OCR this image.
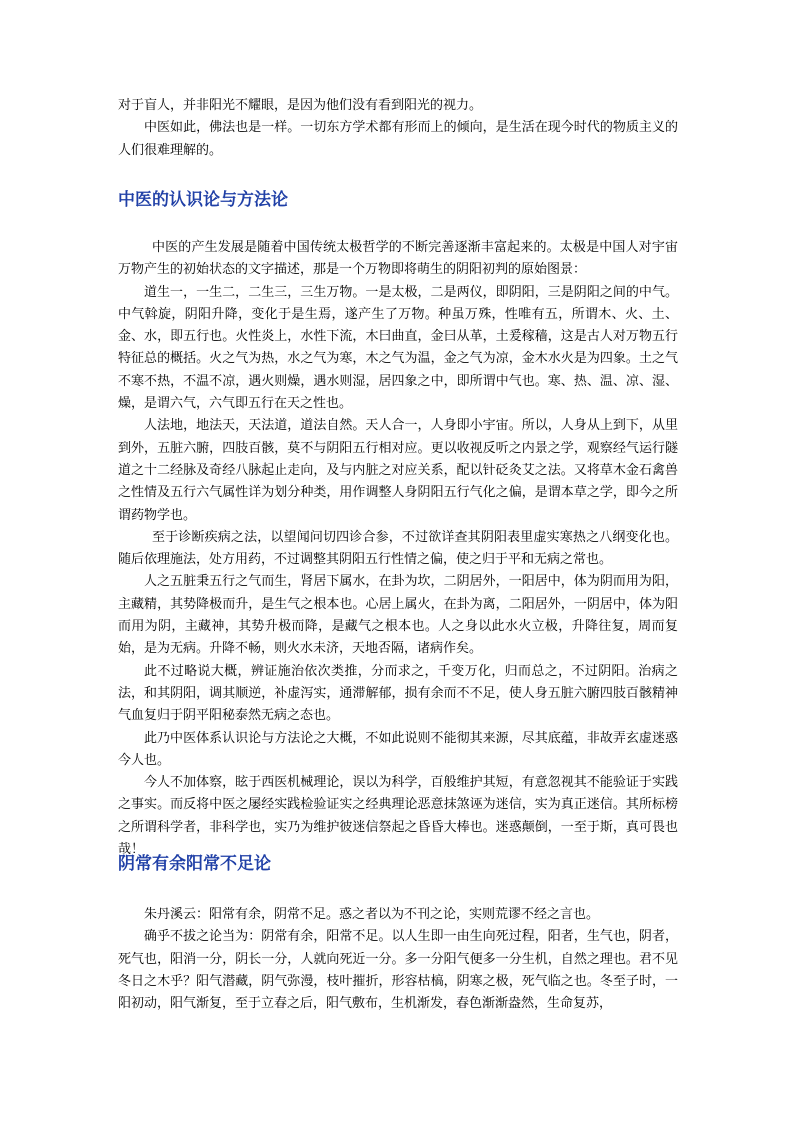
对于盲人，并非阳光不耀眼，是因为他们没有看到阳光的视力。

中医如此，佛法也是一样。一切东方学术都有形而上的倾向，是生活在现今时代的物质主义的人们很难理解的。

中医的认识论与方法论

中医的产生发展是随着中国传统太极哲学的不断完善逐渐丰富起来的。太极是中国人对宇宙万物产生的初始状态的文字描述，那是一个万物即将萌生的阴阳初判的原始图景：

道生一，一生二，二生三，三生万物。一是太极，二是两仪，即阴阳，三是阴阳之间的中气。中气斡旋，阴阳升降，变化于是生焉，遂产生了万物。种虽万殊，性唯有五，所谓木、火、土、金、水，即五行也。火性炎上，水性下流，木曰曲直，金曰从革，土爰稼穑，这是古人对万物五行特征总的概括。火之气为热，水之气为寒，木之气为温，金之气为凉，金木水火是为四象。土之气不寒不热，不温不凉，遇火则燥，遇水则湿，居四象之中，即所谓中气也。寒、热、温、凉、湿、燥，是谓六气，六气即五行在天之性也。

人法地，地法天，天法道，道法自然。天人合一，人身即小宇宙。所以，人身从上到下，从里到外，五脏六腑，四肢百骸，莫不与阴阳五行相对应。更以收视反听之内景之学，观察经气运行隧道之十二经脉及奇经八脉起止走向，及与内脏之对应关系，配以针砭灸艾之法。又将草木金石禽兽之性情及五行六气属性详为划分种类，用作调整人身阴阳五行气化之偏，是谓本草之学，即今之所谓药物学也。

至于诊断疾病之法，以望闻问切四诊合参，不过欲详查其阴阳表里虚实寒热之八纲变化也。随后依理施法，处方用药，不过调整其阴阳五行性情之偏，使之归于平和无病之常也。

人之五脏秉五行之气而生，肾居下属水，在卦为坎，二阴居外，一阳居中，体为阴而用为阳，主藏精，其势降极而升，是生气之根本也。心居上属火，在卦为离，二阳居外，一阴居中，体为阳而用为阴，主藏神，其势升极而降，是藏气之根本也。人之身以此水火立极，升降往复，周而复始，是为无病。升降不畅，则火水未济，天地否隔，诸病作矣。

此不过略说大概，辨证施治依次类推，分而求之，千变万化，归而总之，不过阴阳。治病之法，和其阴阳，调其顺逆，补虚泻实，通滞解郁，损有余而不不足，使人身五脏六腑四肢百骸精神气血复归于阴平阳秘泰然无病之态也。

此乃中医体系认识论与方法论之大概，不如此说则不能彻其来源，尽其底蕴，非故弄玄虚迷惑今人也。

今人不加体察，眩于西医机械理论，误以为科学，百般维护其短，有意忽视其不能验证于实践之事实。而反将中医之屡经实践检验证实之经典理论恶意抹煞诬为迷信，实为真正迷信。其所标榜之所谓科学者，非科学也，实乃为维护彼迷信祭起之昏昏大棒也。迷惑颠倒，一至于斯，真可畏也哉！

阴常有余阳常不足论

朱丹溪云：阳常有余，阴常不足。惑之者以为不刊之论，实则荒谬不经之言也。

确乎不拔之论当为：阴常有余，阳常不足。以人生即一由生向死过程，阳者，生气也，阴者，死气也，阳消一分，阴长一分，人就向死近一分。多一分阳气便多一分生机，自然之理也。君不见冬日之木乎？阳气潜藏，阴气弥漫，枝叶摧折，形容枯槁，阴寒之极，死气临之也。冬至子时，一阳初动，阳气渐复，至于立春之后，阳气敷布，生机渐发，春色渐渐盎然，生命复苏，
